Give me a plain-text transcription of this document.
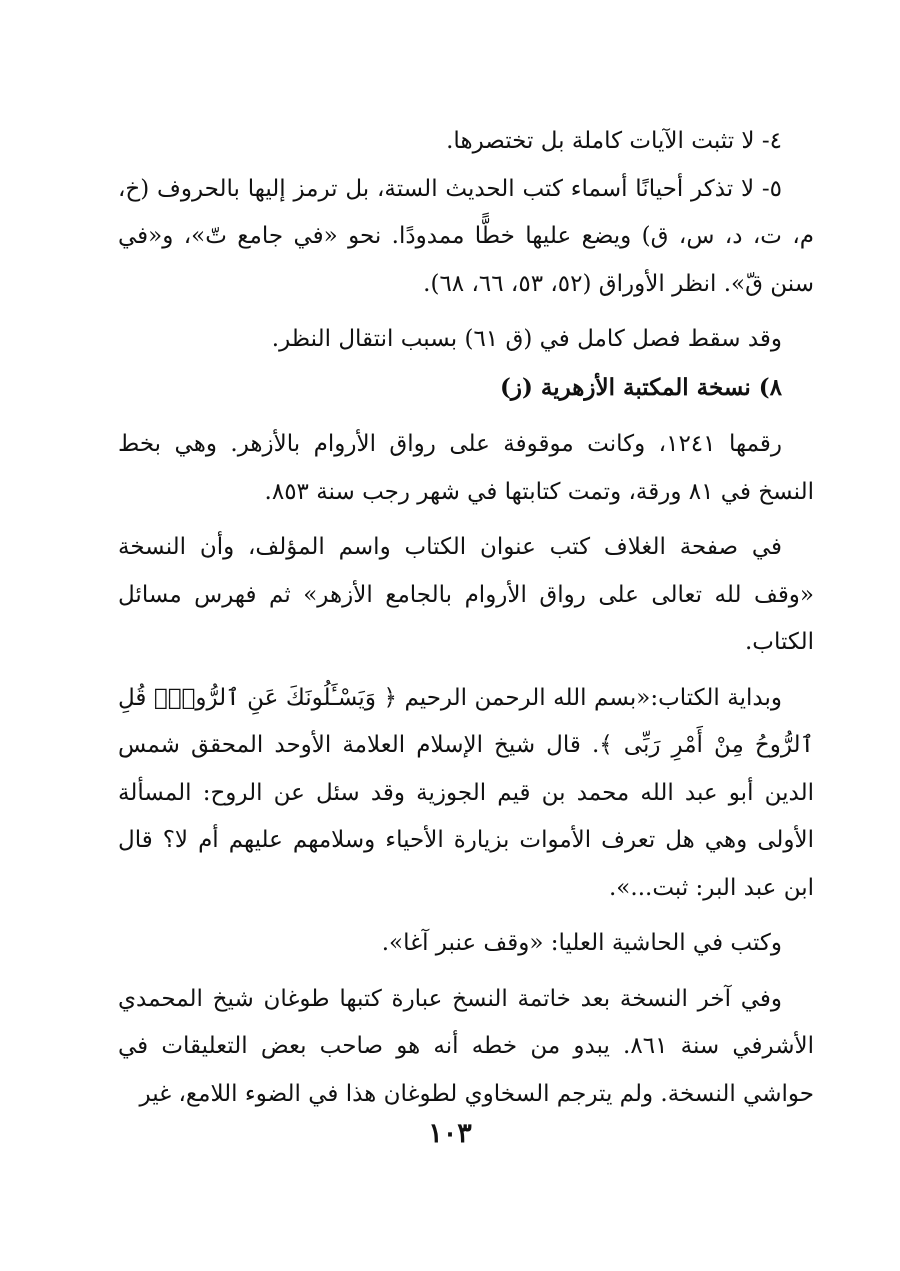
٤- لا تثبت الآيات كاملة بل تختصرها.

٥- لا تذكر أحيانًا أسماء كتب الحديث الستة، بل ترمز إليها بالحروف (خ، م، ت، د، س، ق) ويضع عليها خطًّا ممدودًا. نحو «في جامع تّ»، و«في سنن قّ». انظر الأوراق (٥٢، ٥٣، ٦٦، ٦٨).

وقد سقط فصل كامل في (ق ٦١) بسبب انتقال النظر.

٨) نسخة المكتبة الأزهرية (ز)

رقمها ١٢٤١، وكانت موقوفة على رواق الأروام بالأزهر. وهي بخط النسخ في ٨١ ورقة، وتمت كتابتها في شهر رجب سنة ٨٥٣.

في صفحة الغلاف كتب عنوان الكتاب واسم المؤلف، وأن النسخة «وقف لله تعالى على رواق الأروام بالجامع الأزهر» ثم فهرس مسائل الكتاب.

وبداية الكتاب:«بسم الله الرحمن الرحيم ﴿ وَيَسْـَٔلُونَكَ عَنِ ٱلرُّوحِۖ قُلِ ٱلرُّوحُ مِنْ أَمْرِ رَبِّى ﴾. قال شيخ الإسلام العلامة الأوحد المحقق شمس الدين أبو عبد الله محمد بن قيم الجوزية وقد سئل عن الروح: المسألة الأولى وهي هل تعرف الأموات بزيارة الأحياء وسلامهم عليهم أم لا؟ قال ابن عبد البر: ثبت...».

وكتب في الحاشية العليا: «وقف عنبر آغا».

وفي آخر النسخة بعد خاتمة النسخ عبارة كتبها طوغان شيخ المحمدي الأشرفي سنة ٨٦١. يبدو من خطه أنه هو صاحب بعض التعليقات في حواشي النسخة. ولم يترجم السخاوي لطوغان هذا في الضوء اللامع، غير

١٠٣
